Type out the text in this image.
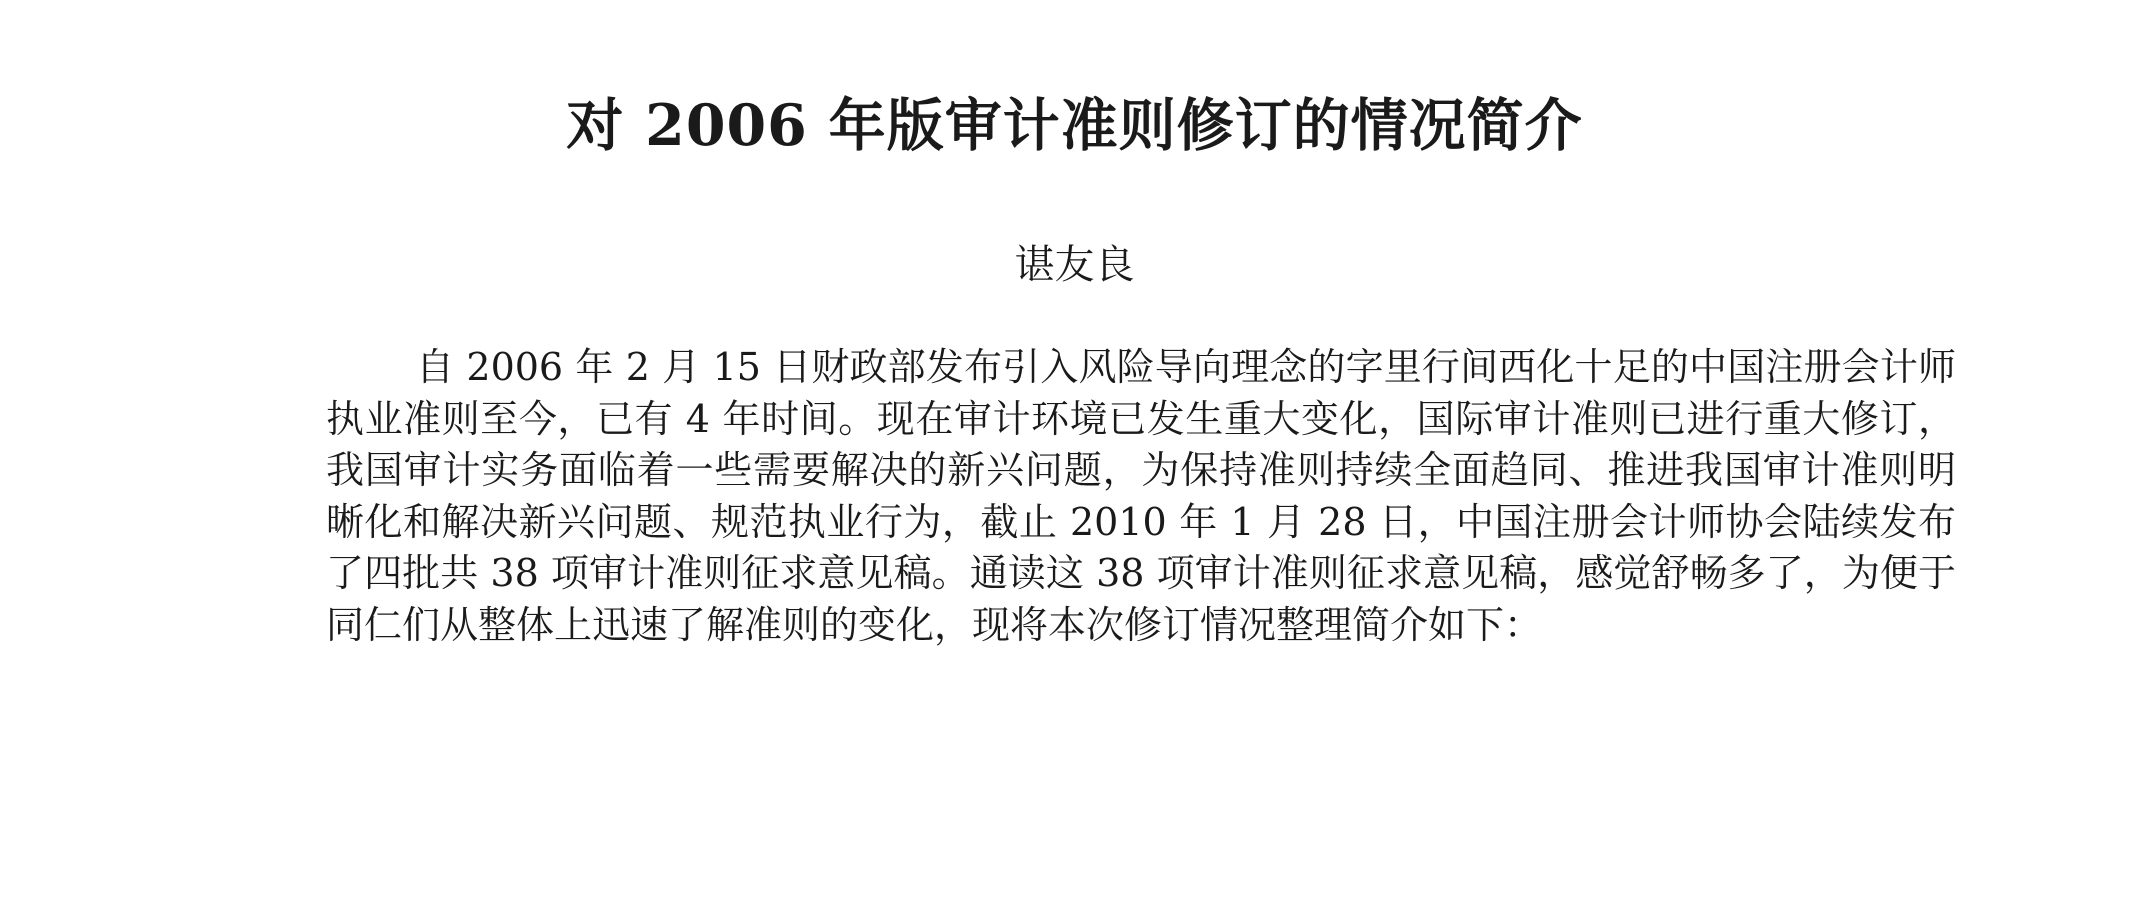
对 2006 年版审计准则修订的情况简介

谌友良

自 2006 年 2 月 15 日财政部发布引入风险导向理念的字里行间西化十足的中国注册会计师执业准则至今，已有 4 年时间。现在审计环境已发生重大变化，国际审计准则已进行重大修订，我国审计实务面临着一些需要解决的新兴问题，为保持准则持续全面趋同、推进我国审计准则明晰化和解决新兴问题、规范执业行为，截止 2010 年 1 月 28 日，中国注册会计师协会陆续发布了四批共 38 项审计准则征求意见稿。通读这 38 项审计准则征求意见稿，感觉舒畅多了，为便于同仁们从整体上迅速了解准则的变化，现将本次修订情况整理简介如下：
